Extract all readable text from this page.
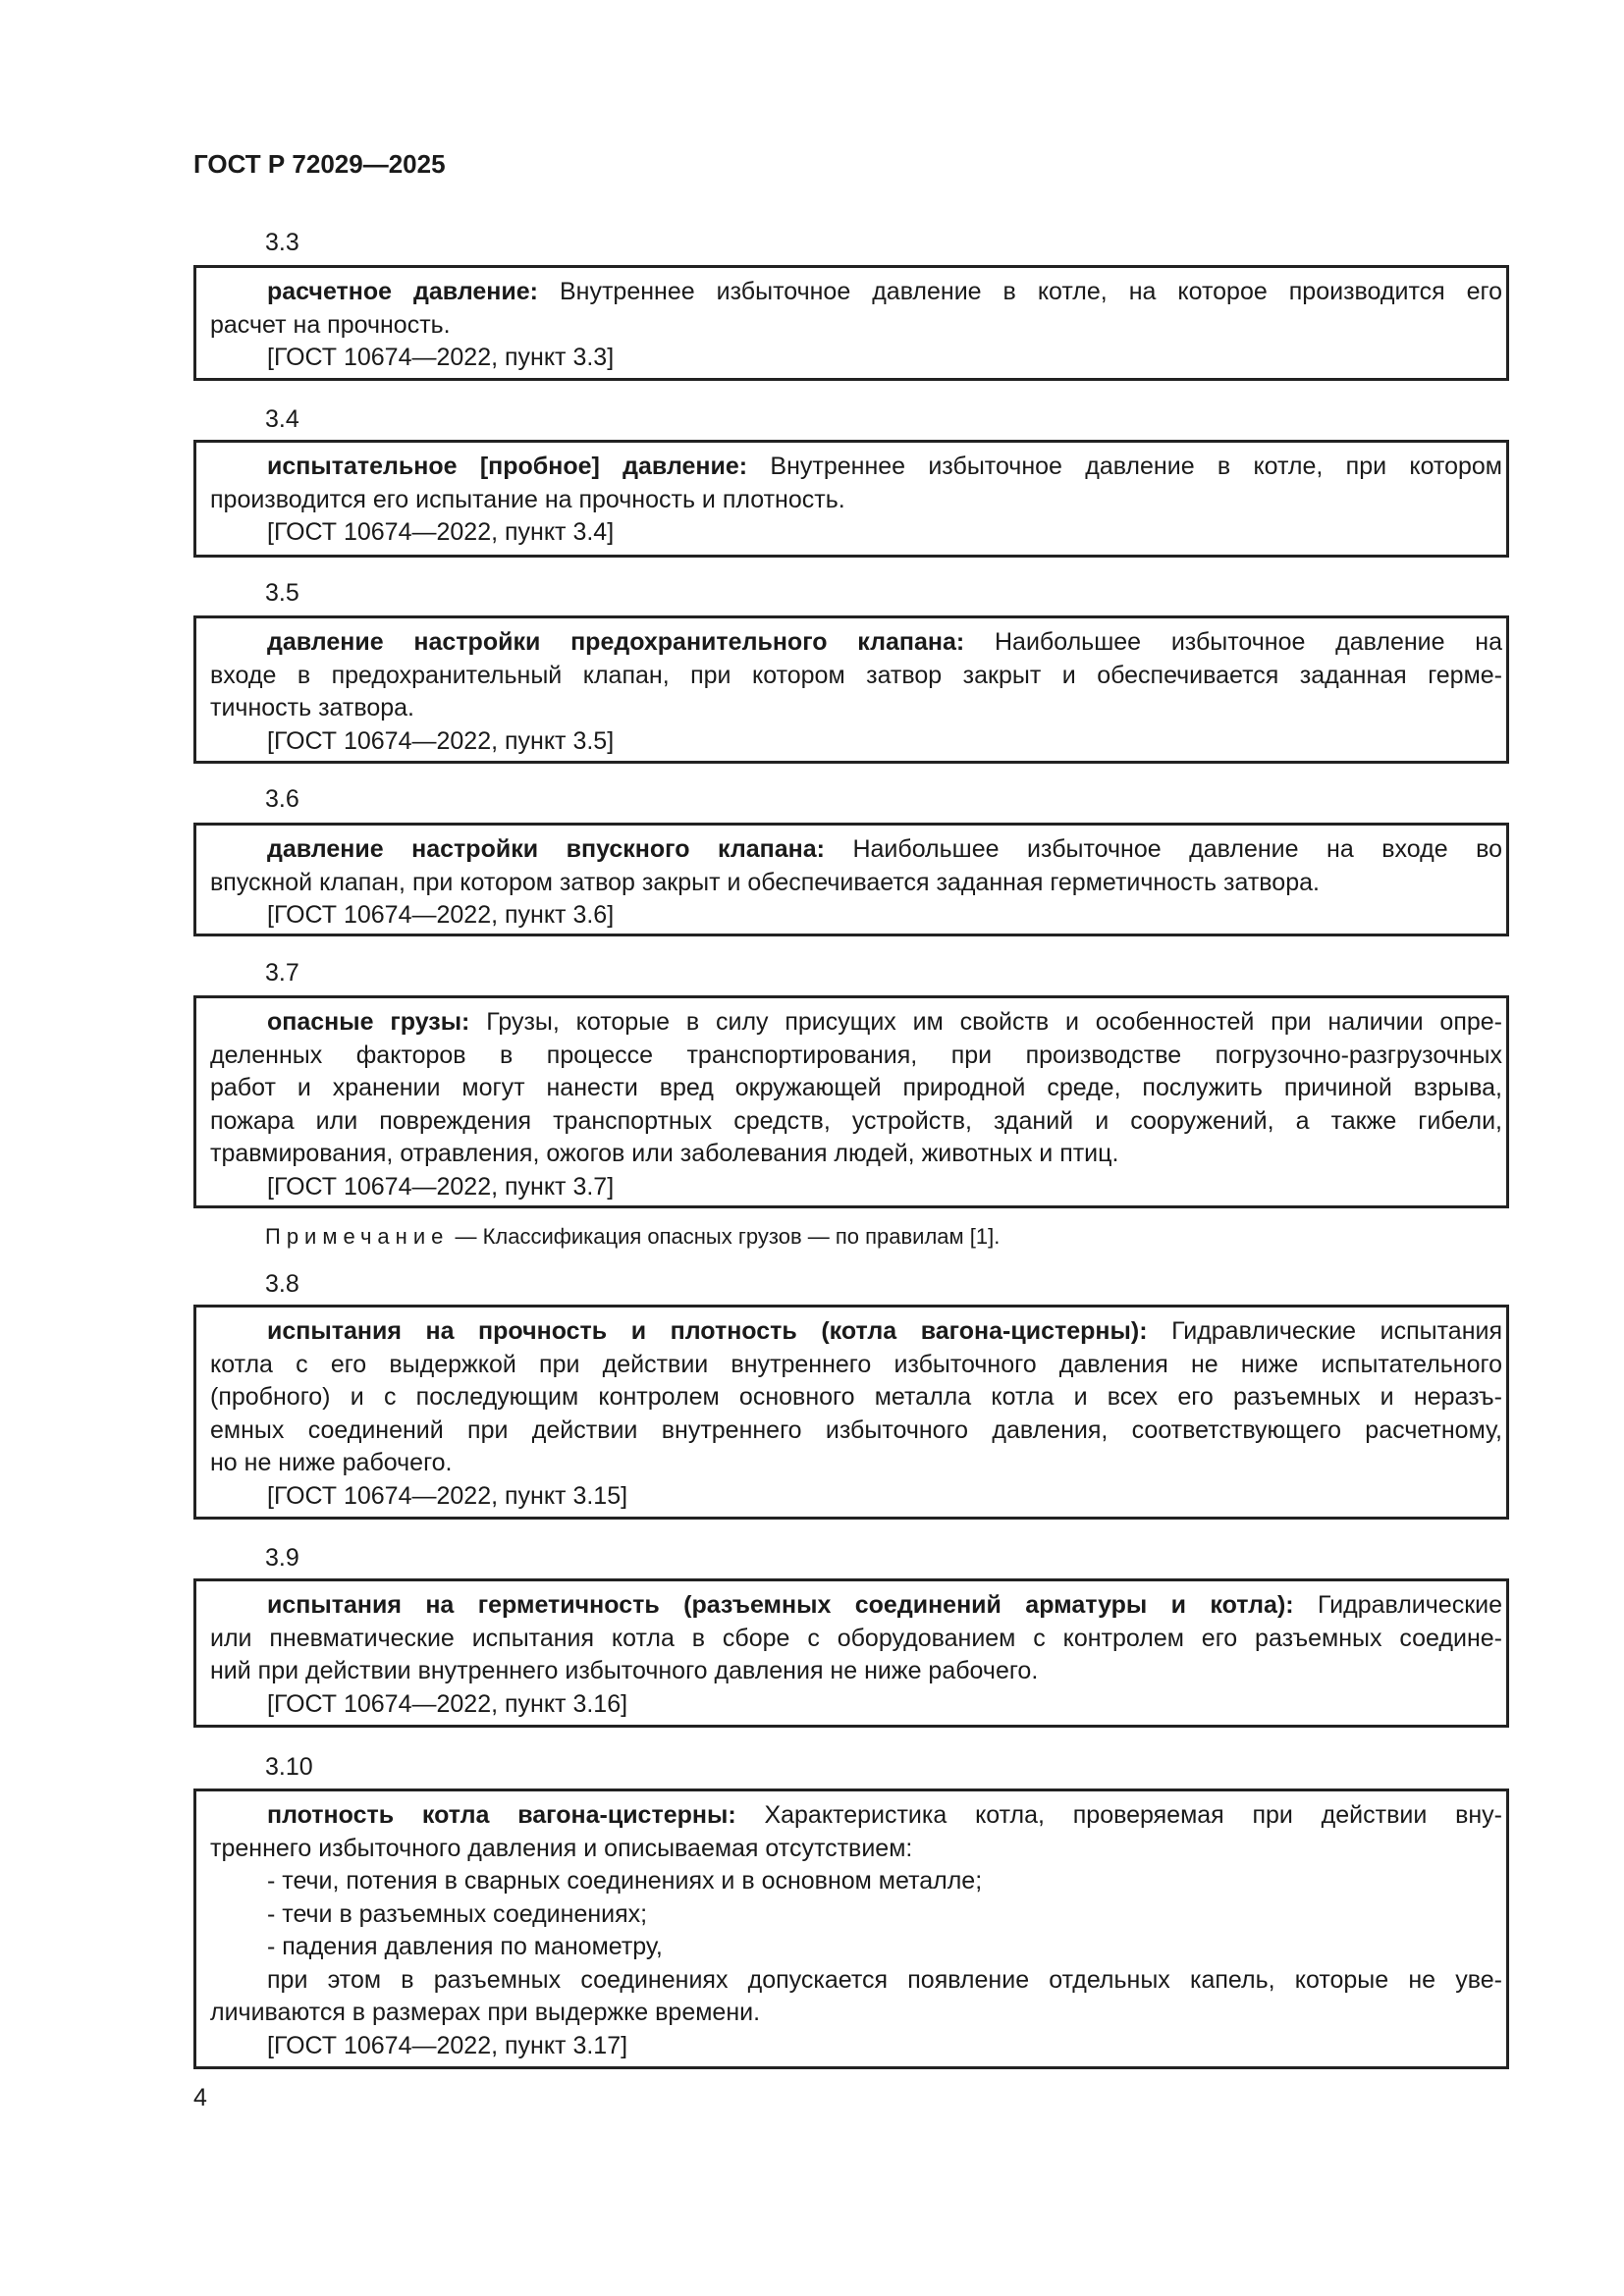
ГОСТ Р 72029—2025
3.3
расчетное давление: Внутреннее избыточное давление в котле, на которое производится его
расчет на прочность.
[ГОСТ 10674—2022, пункт 3.3]
3.4
испытательное [пробное] давление: Внутреннее избыточное давление в котле, при котором
производится его испытание на прочность и плотность.
[ГОСТ 10674—2022, пункт 3.4]
3.5
давление настройки предохранительного клапана: Наибольшее избыточное давление на
входе в предохранительный клапан, при котором затвор закрыт и обеспечивается заданная герме-
тичность затвора.
[ГОСТ 10674—2022, пункт 3.5]
3.6
давление настройки впускного клапана: Наибольшее избыточное давление на входе во
впускной клапан, при котором затвор закрыт и обеспечивается заданная герметичность затвора.
[ГОСТ 10674—2022, пункт 3.6]
3.7
опасные грузы: Грузы, которые в силу присущих им свойств и особенностей при наличии опре-
деленных факторов в процессе транспортирования, при производстве погрузочно-разгрузочных
работ и хранении могут нанести вред окружающей природной среде, послужить причиной взрыва,
пожара или повреждения транспортных средств, устройств, зданий и сооружений, а также гибели,
травмирования, отравления, ожогов или заболевания людей, животных и птиц.
[ГОСТ 10674—2022, пункт 3.7]
3.8
испытания на прочность и плотность (котла вагона-цистерны): Гидравлические испытания
котла с его выдержкой при действии внутреннего избыточного давления не ниже испытательного
(пробного) и с последующим контролем основного металла котла и всех его разъемных и неразъ-
емных соединений при действии внутреннего избыточного давления, соответствующего расчетному,
но не ниже рабочего.
[ГОСТ 10674—2022, пункт 3.15]
3.9
испытания на герметичность (разъемных соединений арматуры и котла): Гидравлические
или пневматические испытания котла в сборе с оборудованием с контролем его разъемных соедине-
ний при действии внутреннего избыточного давления не ниже рабочего.
[ГОСТ 10674—2022, пункт 3.16]
3.10
плотность котла вагона-цистерны: Характеристика котла, проверяемая при действии вну-
треннего избыточного давления и описываемая отсутствием:
- течи, потения в сварных соединениях и в основном металле;
- течи в разъемных соединениях;
- падения давления по манометру,
при этом в разъемных соединениях допускается появление отдельных капель, которые не уве-
личиваются в размерах при выдержке времени.
[ГОСТ 10674—2022, пункт 3.17]
Примечание — Классификация опасных грузов — по правилам [1].
4
